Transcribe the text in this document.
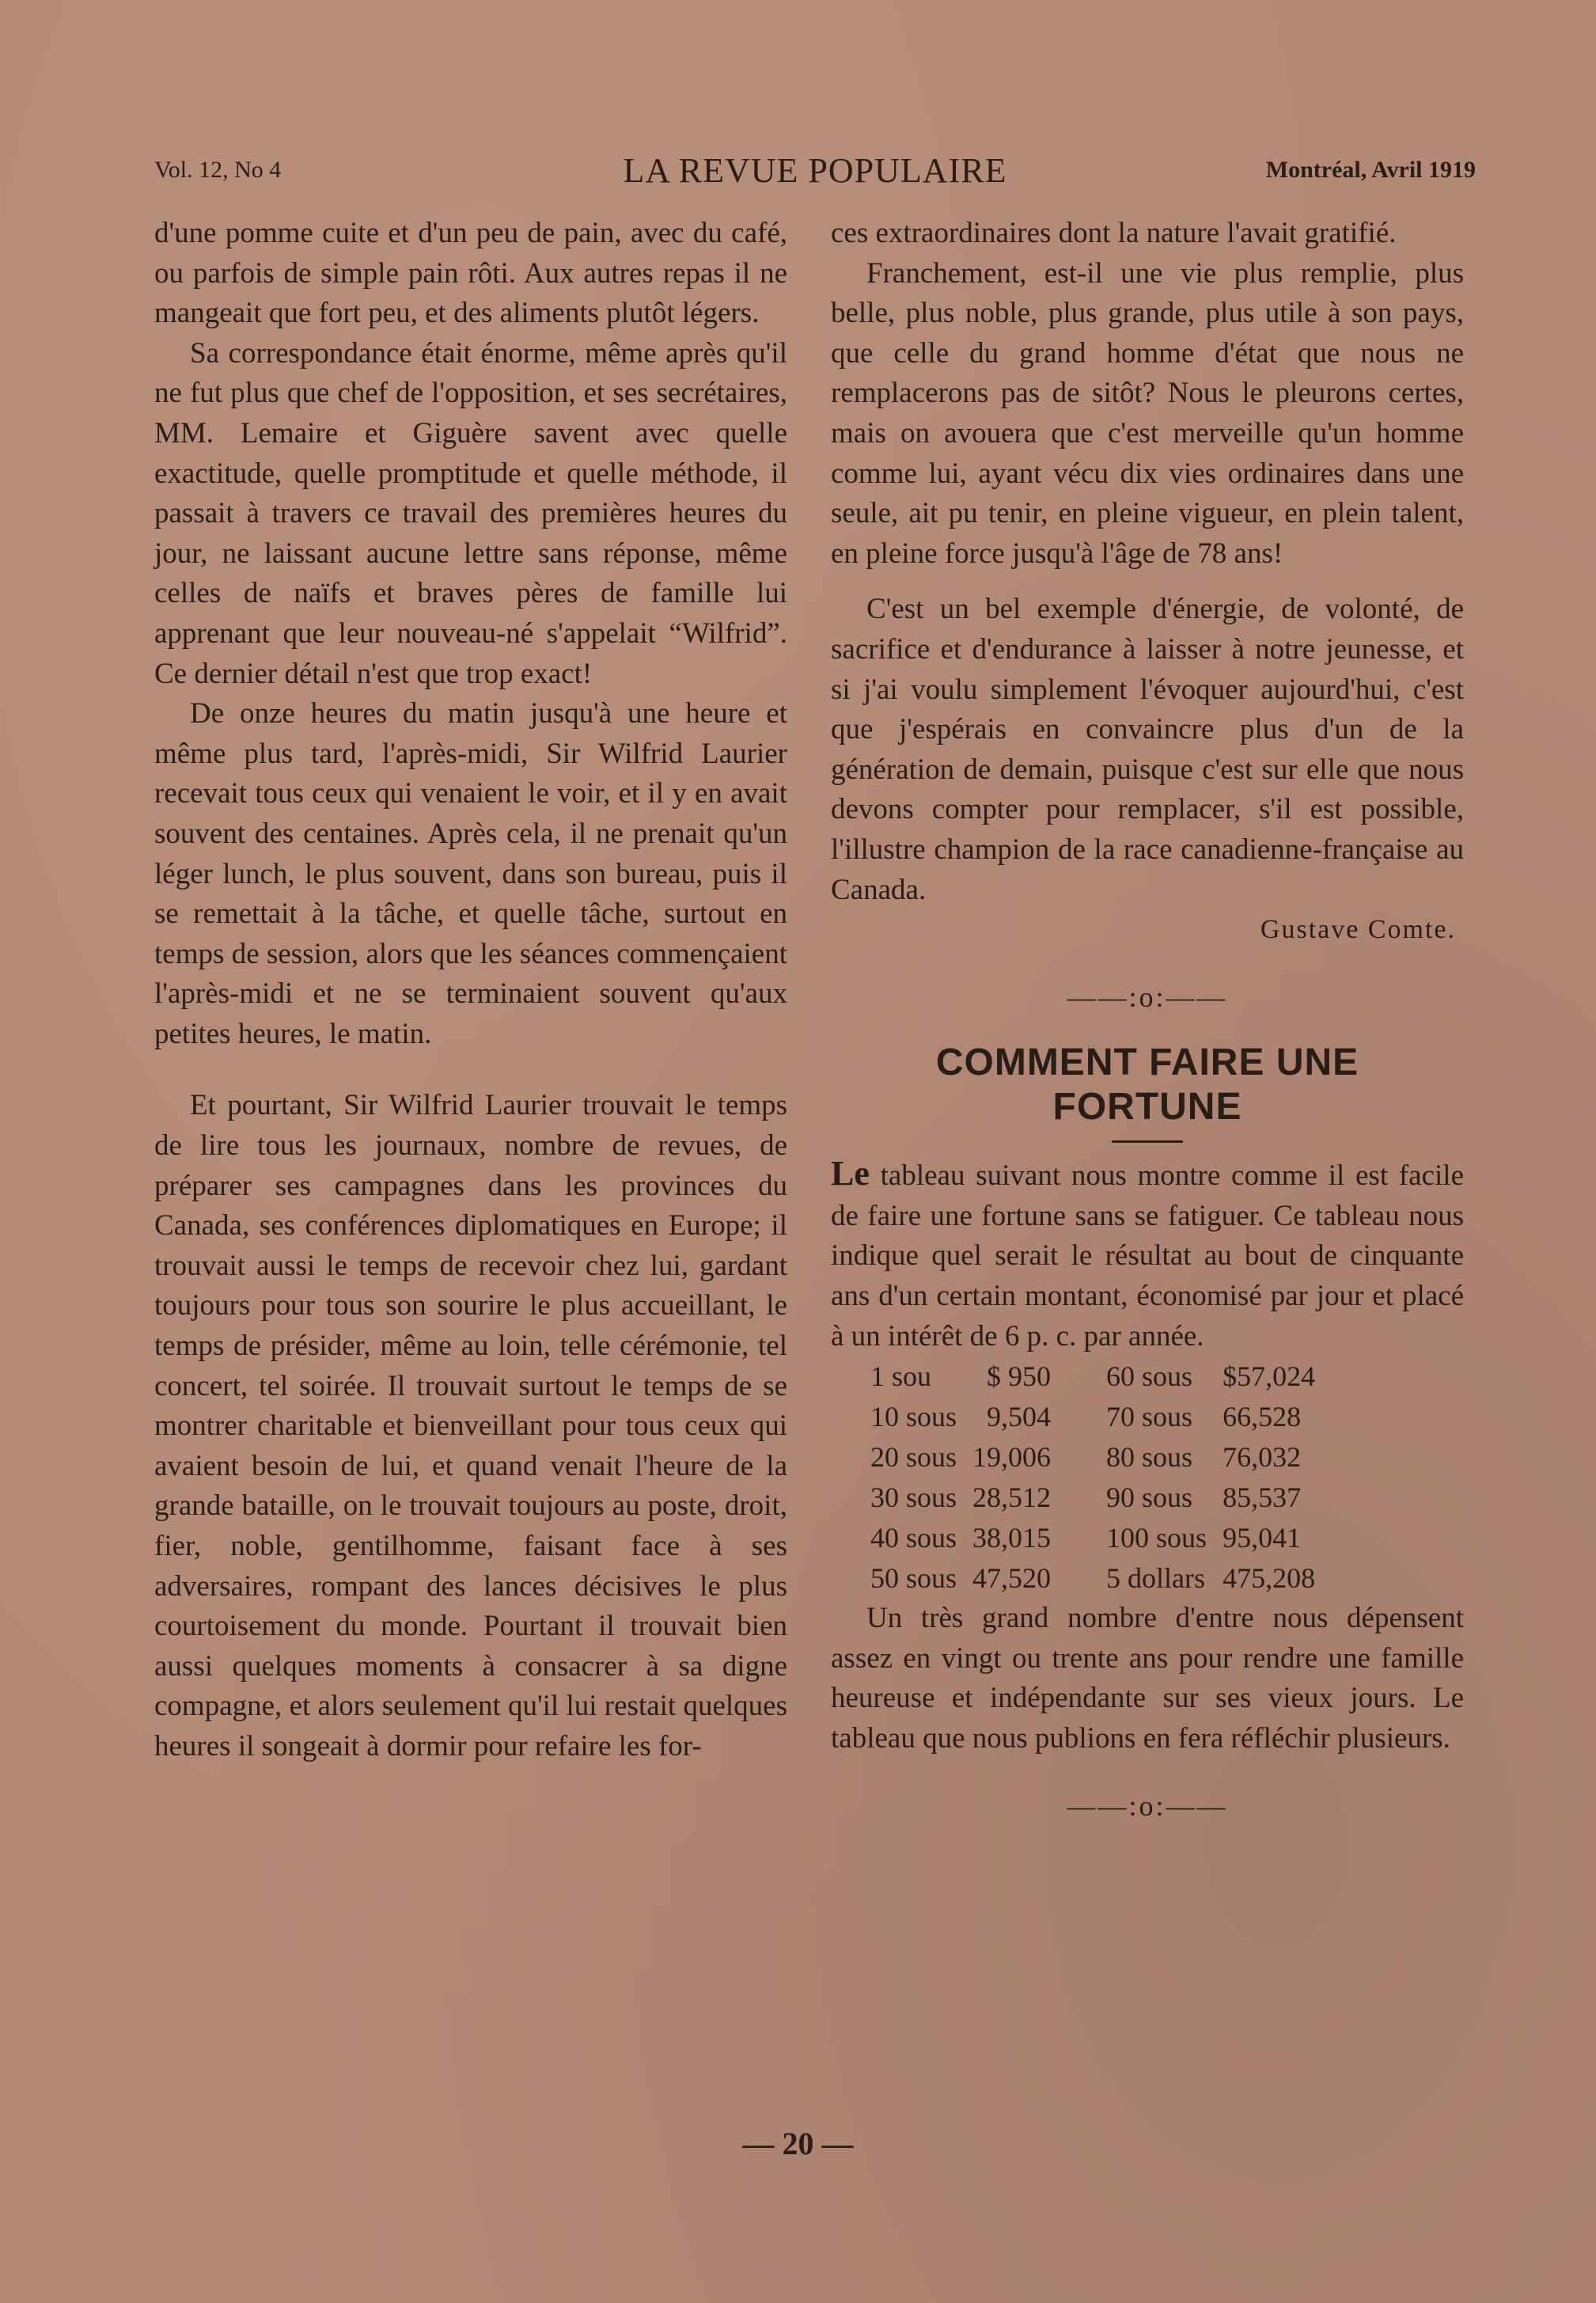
Vol. 12, No 4	LA REVUE POPULAIRE	Montréal, Avril 1919

d'une pomme cuite et d'un peu de pain, avec du café, ou parfois de simple pain rôti. Aux autres repas il ne mangeait que fort peu, et des aliments plutôt légers.

Sa correspondance était énorme, même après qu'il ne fut plus que chef de l'opposition, et ses secrétaires, MM. Lemaire et Giguère savent avec quelle exactitude, quelle promptitude et quelle méthode, il passait à travers ce travail des premières heures du jour, ne laissant aucune lettre sans réponse, même celles de naïfs et braves pères de famille lui apprenant que leur nouveau-né s'appelait “Wilfrid”. Ce dernier détail n'est que trop exact!

De onze heures du matin jusqu'à une heure et même plus tard, l'après-midi, Sir Wilfrid Laurier recevait tous ceux qui venaient le voir, et il y en avait souvent des centaines. Après cela, il ne prenait qu'un léger lunch, le plus souvent, dans son bureau, puis il se remettait à la tâche, et quelle tâche, surtout en temps de session, alors que les séances commençaient l'après-midi et ne se terminaient souvent qu'aux petites heures, le matin.

Et pourtant, Sir Wilfrid Laurier trouvait le temps de lire tous les journaux, nombre de revues, de préparer ses campagnes dans les provinces du Canada, ses conférences diplomatiques en Europe; il trouvait aussi le temps de recevoir chez lui, gardant toujours pour tous son sourire le plus accueillant, le temps de présider, même au loin, telle cérémonie, tel concert, tel soirée. Il trouvait surtout le temps de se montrer charitable et bienveillant pour tous ceux qui avaient besoin de lui, et quand venait l'heure de la grande bataille, on le trouvait toujours au poste, droit, fier, noble, gentilhomme, faisant face à ses adversaires, rompant des lances décisives le plus courtoisement du monde. Pourtant il trouvait bien aussi quelques moments à consacrer à sa digne compagne, et alors seulement qu'il lui restait quelques heures il songeait à dormir pour refaire les for-

ces extraordinaires dont la nature l'avait gratifié.

Franchement, est-il une vie plus remplie, plus belle, plus noble, plus grande, plus utile à son pays, que celle du grand homme d'état que nous ne remplacerons pas de sitôt? Nous le pleurons certes, mais on avouera que c'est merveille qu'un homme comme lui, ayant vécu dix vies ordinaires dans une seule, ait pu tenir, en pleine vigueur, en plein talent, en pleine force jusqu'à l'âge de 78 ans!

C'est un bel exemple d'énergie, de volonté, de sacrifice et d'endurance à laisser à notre jeunesse, et si j'ai voulu simplement l'évoquer aujourd'hui, c'est que j'espérais en convaincre plus d'un de la génération de demain, puisque c'est sur elle que nous devons compter pour remplacer, s'il est possible, l'illustre champion de la race canadienne-française au Canada.

Gustave Comte.
——:o:——
COMMENT FAIRE UNE
FORTUNE

Le tableau suivant nous montre comme il est facile de faire une fortune sans se fatiguer. Ce tableau nous indique quel serait le résultat au bout de cinquante ans d'un certain montant, économisé par jour et placé à un intérêt de 6 p. c. par année.

1 sou	$ 950	60 sous	$57,024
10 sous	9,504	70 sous	66,528
20 sous	19,006	80 sous	76,032
30 sous	28,512	90 sous	85,537
40 sous	38,015	100 sous	95,041
50 sous	47,520	5 dollars	475,208

Un très grand nombre d'entre nous dépensent assez en vingt ou trente ans pour rendre une famille heureuse et indépendante sur ses vieux jours. Le tableau que nous publions en fera réfléchir plusieurs.

——:o:——
— 20 —
